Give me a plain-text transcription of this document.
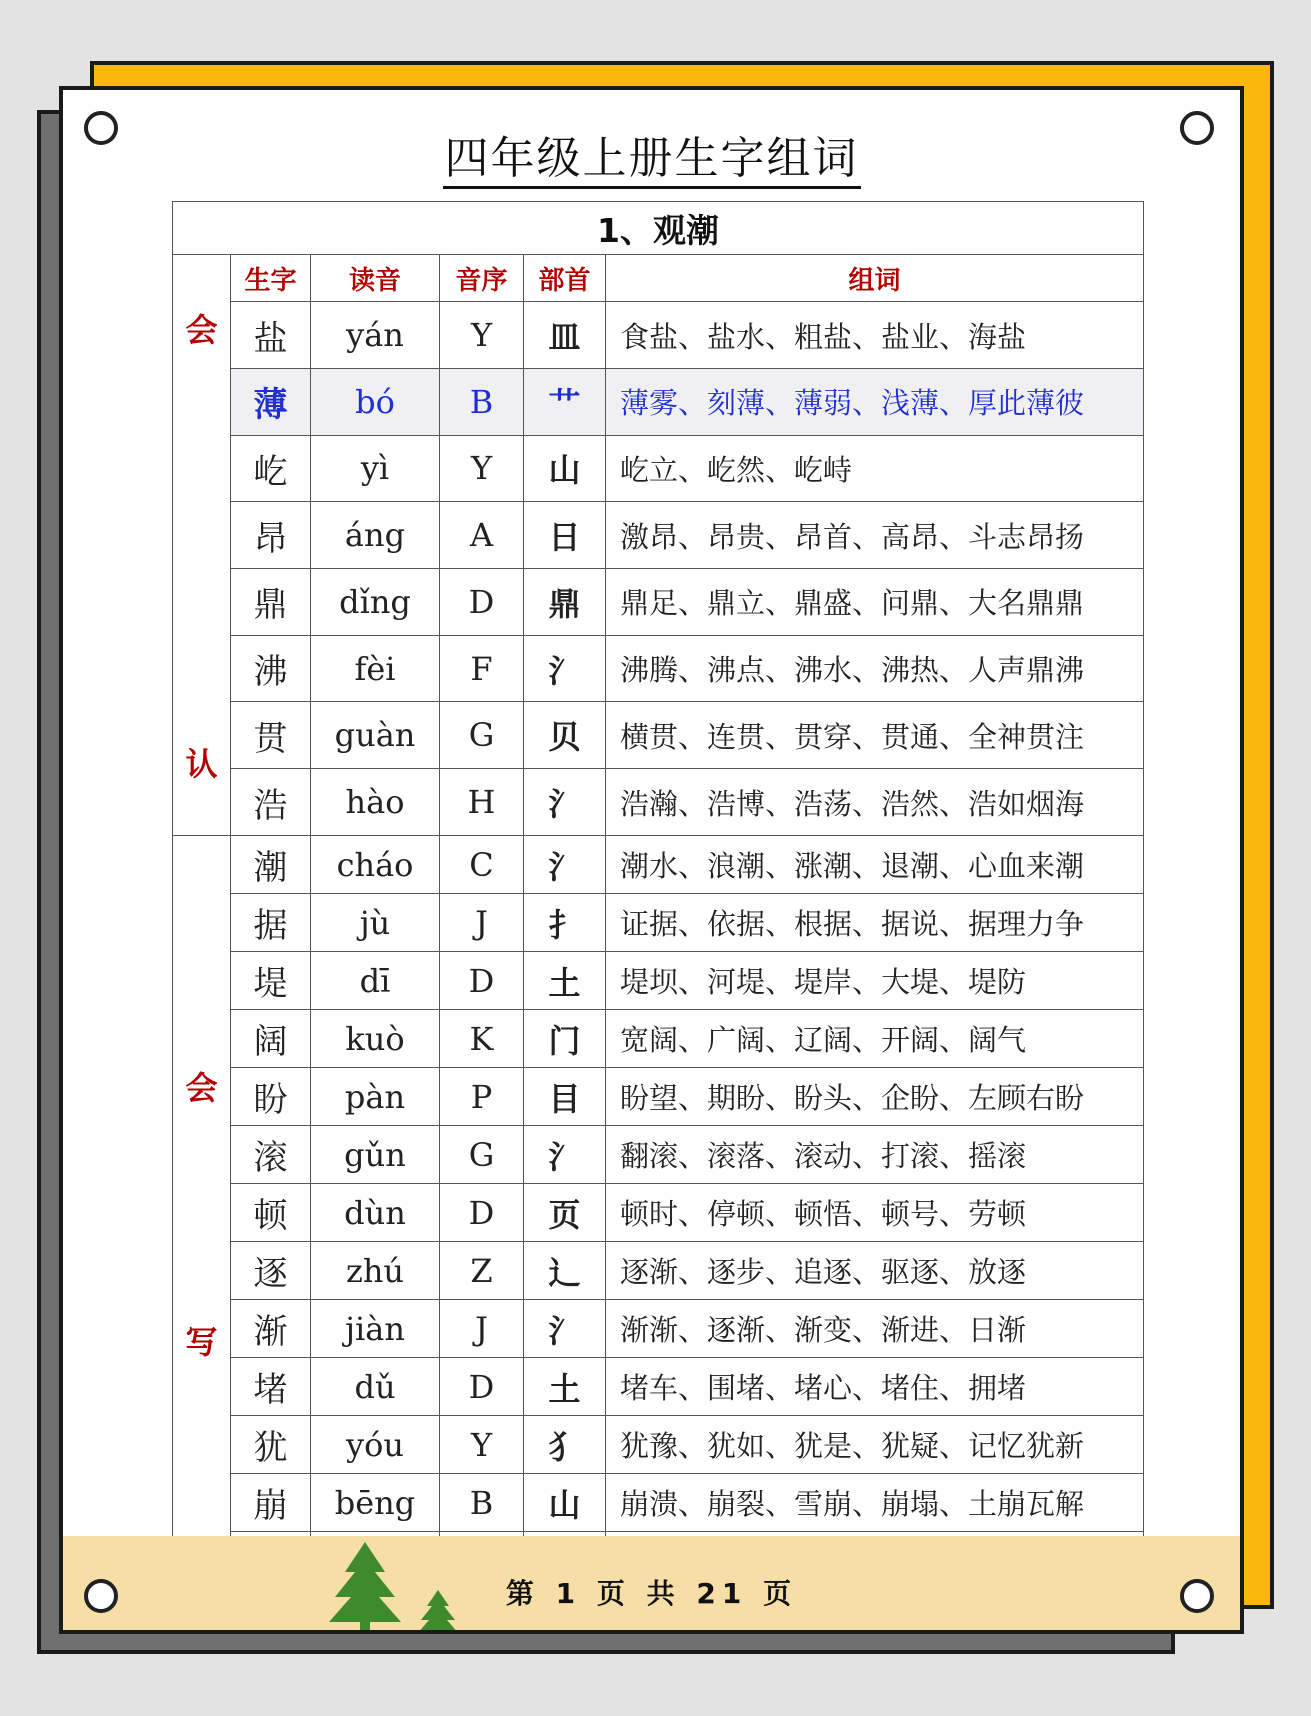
四年级上册生字组词
1、观潮					

会
认	生字	读音	音序	部首	组词
	盐	yán	Y	皿	食盐、盐水、粗盐、盐业、海盐
	薄	bó	B	艹	薄雾、刻薄、薄弱、浅薄、厚此薄彼
	屹	yì	Y	山	屹立、屹然、屹峙
	昂	áng	A	日	激昂、昂贵、昂首、高昂、斗志昂扬
	鼎	dǐng	D	鼎	鼎足、鼎立、鼎盛、问鼎、大名鼎鼎
	沸	fèi	F	氵	沸腾、沸点、沸水、沸热、人声鼎沸
	贯	guàn	G	贝	横贯、连贯、贯穿、贯通、全神贯注
	浩	hào	H	氵	浩瀚、浩博、浩荡、浩然、浩如烟海

会
写	潮	cháo	C	氵	潮水、浪潮、涨潮、退潮、心血来潮
	据	jù	J	扌	证据、依据、根据、据说、据理力争
	堤	dī	D	土	堤坝、河堤、堤岸、大堤、堤防
	阔	kuò	K	门	宽阔、广阔、辽阔、开阔、阔气
	盼	pàn	P	目	盼望、期盼、盼头、企盼、左顾右盼
	滚	gǔn	G	氵	翻滚、滚落、滚动、打滚、摇滚
	顿	dùn	D	页	顿时、停顿、顿悟、顿号、劳顿
	逐	zhú	Z	辶	逐渐、逐步、追逐、驱逐、放逐
	渐	jiàn	J	氵	渐渐、逐渐、渐变、渐进、日渐
	堵	dǔ	D	土	堵车、围堵、堵心、堵住、拥堵
	犹	yóu	Y	犭	犹豫、犹如、犹是、犹疑、记忆犹新
	崩	bēng	B	山	崩溃、崩裂、雪崩、崩塌、土崩瓦解

第 1 页 共 21 页
